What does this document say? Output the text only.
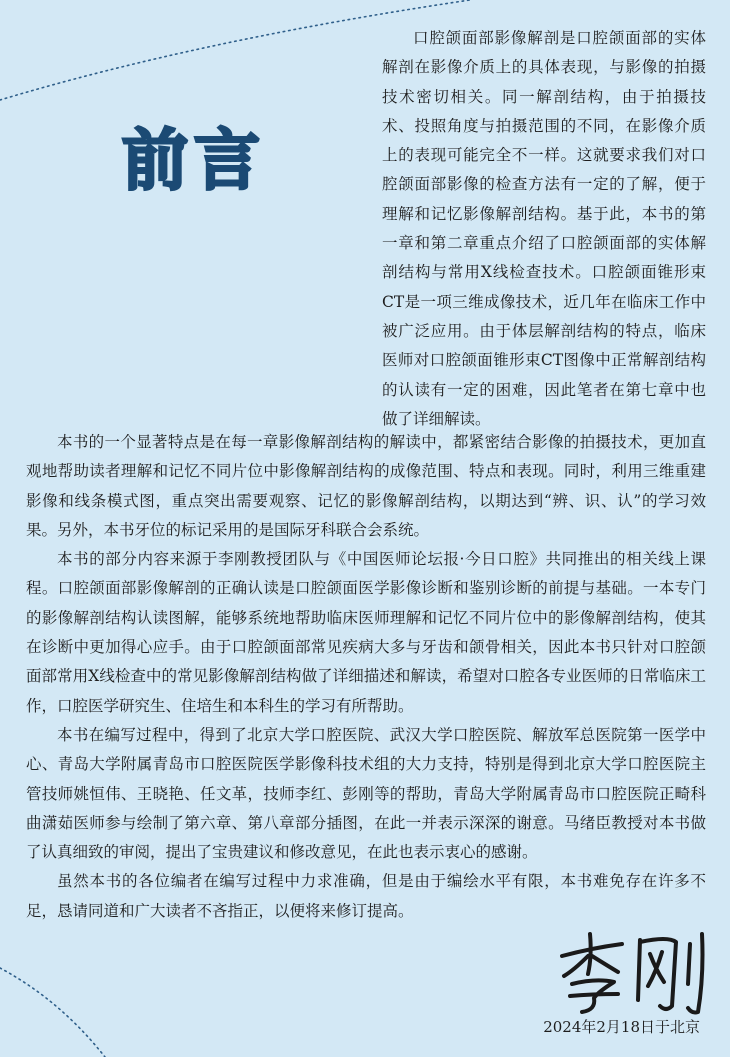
前言

口腔颌面部影像解剖是口腔颌面部的实体解剖在影像介质上的具体表现，与影像的拍摄技术密切相关。同一解剖结构，由于拍摄技术、投照角度与拍摄范围的不同，在影像介质上的表现可能完全不一样。这就要求我们对口腔颌面部影像的检查方法有一定的了解，便于理解和记忆影像解剖结构。基于此，本书的第一章和第二章重点介绍了口腔颌面部的实体解剖结构与常用X线检查技术。口腔颌面锥形束CT是一项三维成像技术，近几年在临床工作中被广泛应用。由于体层解剖结构的特点，临床医师对口腔颌面锥形束CT图像中正常解剖结构的认读有一定的困难，因此笔者在第七章中也做了详细解读。

本书的一个显著特点是在每一章影像解剖结构的解读中，都紧密结合影像的拍摄技术，更加直观地帮助读者理解和记忆不同片位中影像解剖结构的成像范围、特点和表现。同时，利用三维重建影像和线条模式图，重点突出需要观察、记忆的影像解剖结构，以期达到“辨、识、认”的学习效果。另外，本书牙位的标记采用的是国际牙科联合会系统。

本书的部分内容来源于李刚教授团队与《中国医师论坛报·今日口腔》共同推出的相关线上课程。口腔颌面部影像解剖的正确认读是口腔颌面医学影像诊断和鉴别诊断的前提与基础。一本专门的影像解剖结构认读图解，能够系统地帮助临床医师理解和记忆不同片位中的影像解剖结构，使其在诊断中更加得心应手。由于口腔颌面部常见疾病大多与牙齿和颌骨相关，因此本书只针对口腔颌面部常用X线检查中的常见影像解剖结构做了详细描述和解读，希望对口腔各专业医师的日常临床工作，口腔医学研究生、住培生和本科生的学习有所帮助。

本书在编写过程中，得到了北京大学口腔医院、武汉大学口腔医院、解放军总医院第一医学中心、青岛大学附属青岛市口腔医院医学影像科技术组的大力支持，特别是得到北京大学口腔医院主管技师姚恒伟、王晓艳、任文革，技师李红、彭刚等的帮助，青岛大学附属青岛市口腔医院正畸科曲潇茹医师参与绘制了第六章、第八章部分插图，在此一并表示深深的谢意。马绪臣教授对本书做了认真细致的审阅，提出了宝贵建议和修改意见，在此也表示衷心的感谢。

虽然本书的各位编者在编写过程中力求准确，但是由于编绘水平有限，本书难免存在许多不足，恳请同道和广大读者不吝指正，以便将来修订提高。

2024年2月18日于北京
